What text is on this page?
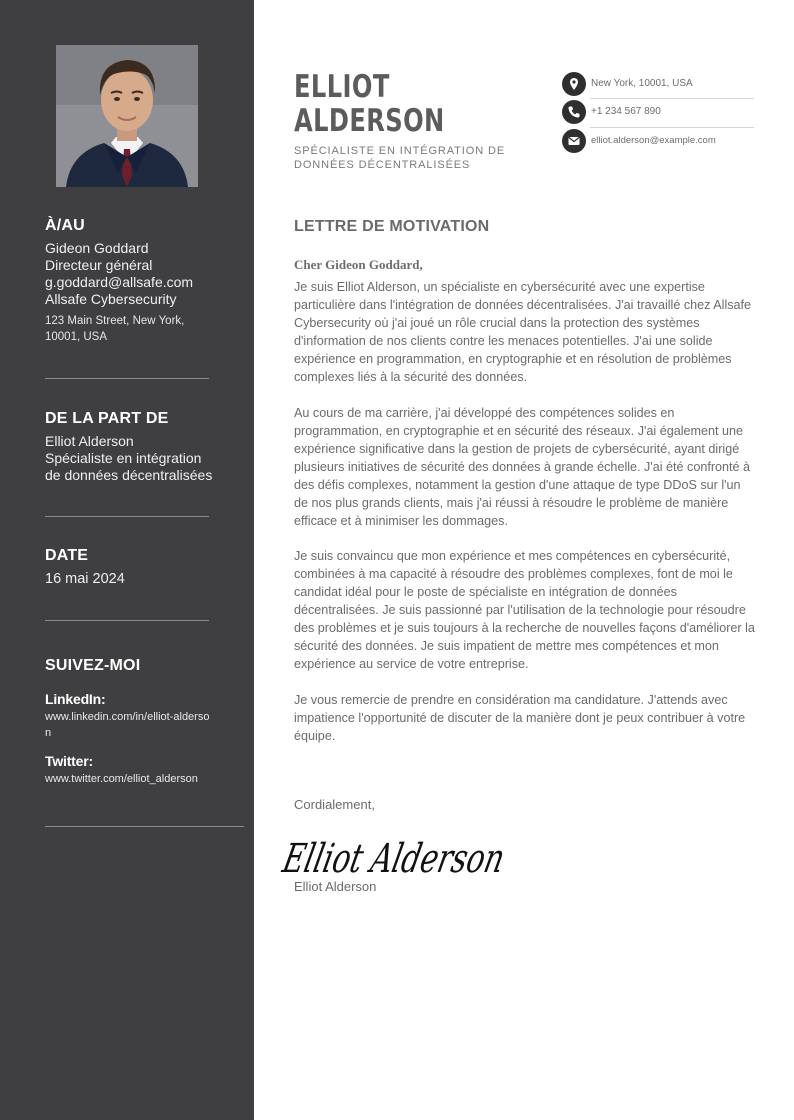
À/AU
Gideon Goddard
Directeur général
g.goddard@allsafe.com
Allsafe Cybersecurity
123 Main Street, New York,
10001, USA
DE LA PART DE
Elliot Alderson
Spécialiste en intégration
de données décentralisées
DATE
16 mai 2024
SUIVEZ-MOI
LinkedIn:
www.linkedin.com/in/elliot-alderson
Twitter:
www.twitter.com/elliot_alderson
ELLIOT
ALDERSON
SPÉCIALISTE EN INTÉGRATION DE DONNÉES DÉCENTRALISÉES
New York, 10001, USA
+1 234 567 890
elliot.alderson@example.com
LETTRE DE MOTIVATION
Cher Gideon Goddard,
Je suis Elliot Alderson, un spécialiste en cybersécurité avec une expertise particulière dans l'intégration de données décentralisées. J'ai travaillé chez Allsafe Cybersecurity où j'ai joué un rôle crucial dans la protection des systèmes d'information de nos clients contre les menaces potentielles. J'ai une solide expérience en programmation, en cryptographie et en résolution de problèmes complexes liés à la sécurité des données.
Au cours de ma carrière, j'ai développé des compétences solides en programmation, en cryptographie et en sécurité des réseaux. J'ai également une expérience significative dans la gestion de projets de cybersécurité, ayant dirigé plusieurs initiatives de sécurité des données à grande échelle. J'ai été confronté à des défis complexes, notamment la gestion d'une attaque de type DDoS sur l'un de nos plus grands clients, mais j'ai réussi à résoudre le problème de manière efficace et à minimiser les dommages.
Je suis convaincu que mon expérience et mes compétences en cybersécurité, combinées à ma capacité à résoudre des problèmes complexes, font de moi le candidat idéal pour le poste de spécialiste en intégration de données décentralisées. Je suis passionné par l'utilisation de la technologie pour résoudre des problèmes et je suis toujours à la recherche de nouvelles façons d'améliorer la sécurité des données. Je suis impatient de mettre mes compétences et mon expérience au service de votre entreprise.
Je vous remercie de prendre en considération ma candidature. J'attends avec impatience l'opportunité de discuter de la manière dont je peux contribuer à votre équipe.
Cordialement,
Elliot Alderson
Elliot Alderson
